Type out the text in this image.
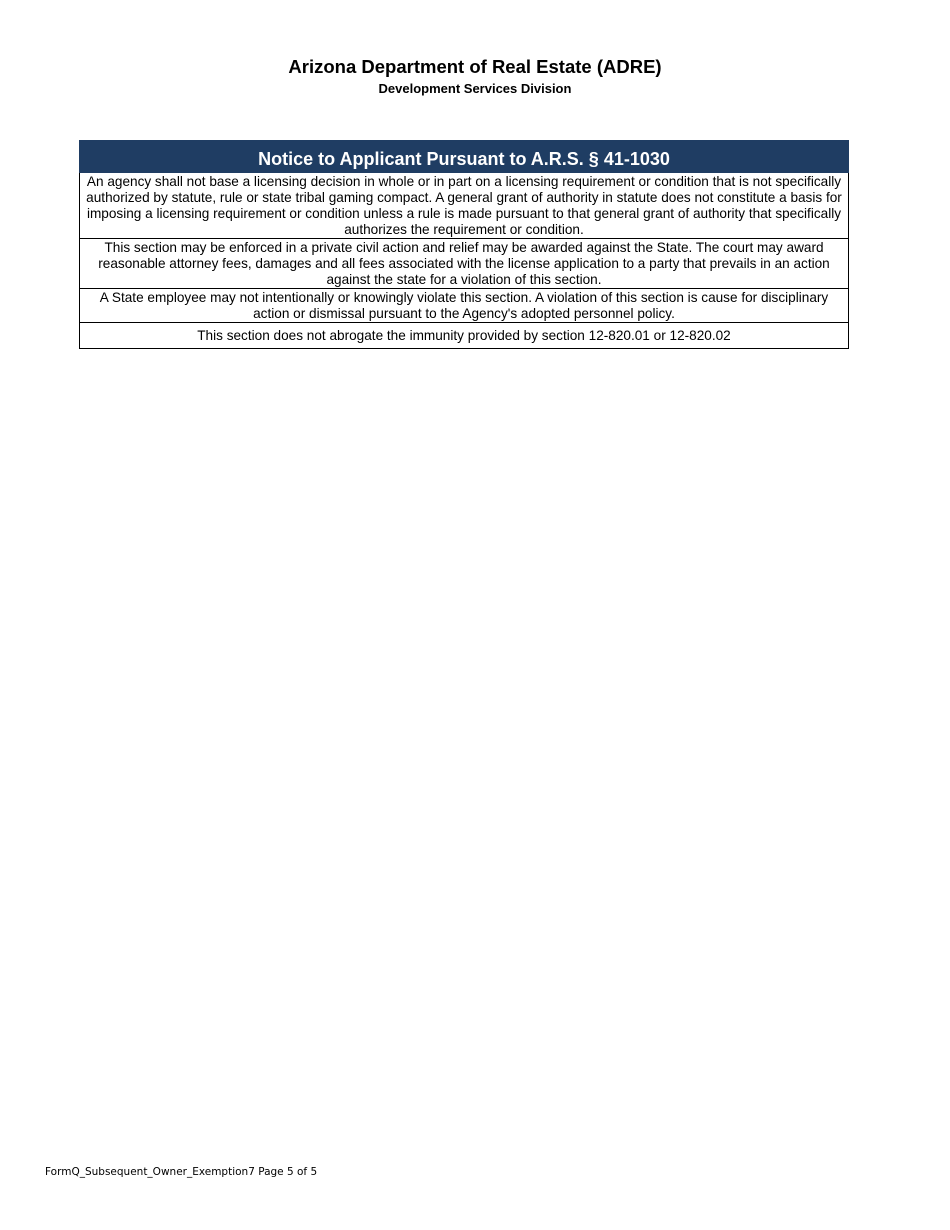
Arizona Department of Real Estate (ADRE)
Development Services Division
Notice to Applicant Pursuant to A.R.S. § 41-1030
An agency shall not base a licensing decision in whole or in part on a licensing requirement or condition that is not specifically authorized by statute, rule or state tribal gaming compact. A general grant of authority in statute does not constitute a basis for imposing a licensing requirement or condition unless a rule is made pursuant to that general grant of authority that specifically authorizes the requirement or condition.
This section may be enforced in a private civil action and relief may be awarded against the State. The court may award reasonable attorney fees, damages and all fees associated with the license application to a party that prevails in an action against the state for a violation of this section.
A State employee may not intentionally or knowingly violate this section. A violation of this section is cause for disciplinary action or dismissal pursuant to the Agency's adopted personnel policy.
This section does not abrogate the immunity provided by section 12-820.01 or 12-820.02
FormQ_Subsequent_Owner_Exemption7 Page 5 of 5
